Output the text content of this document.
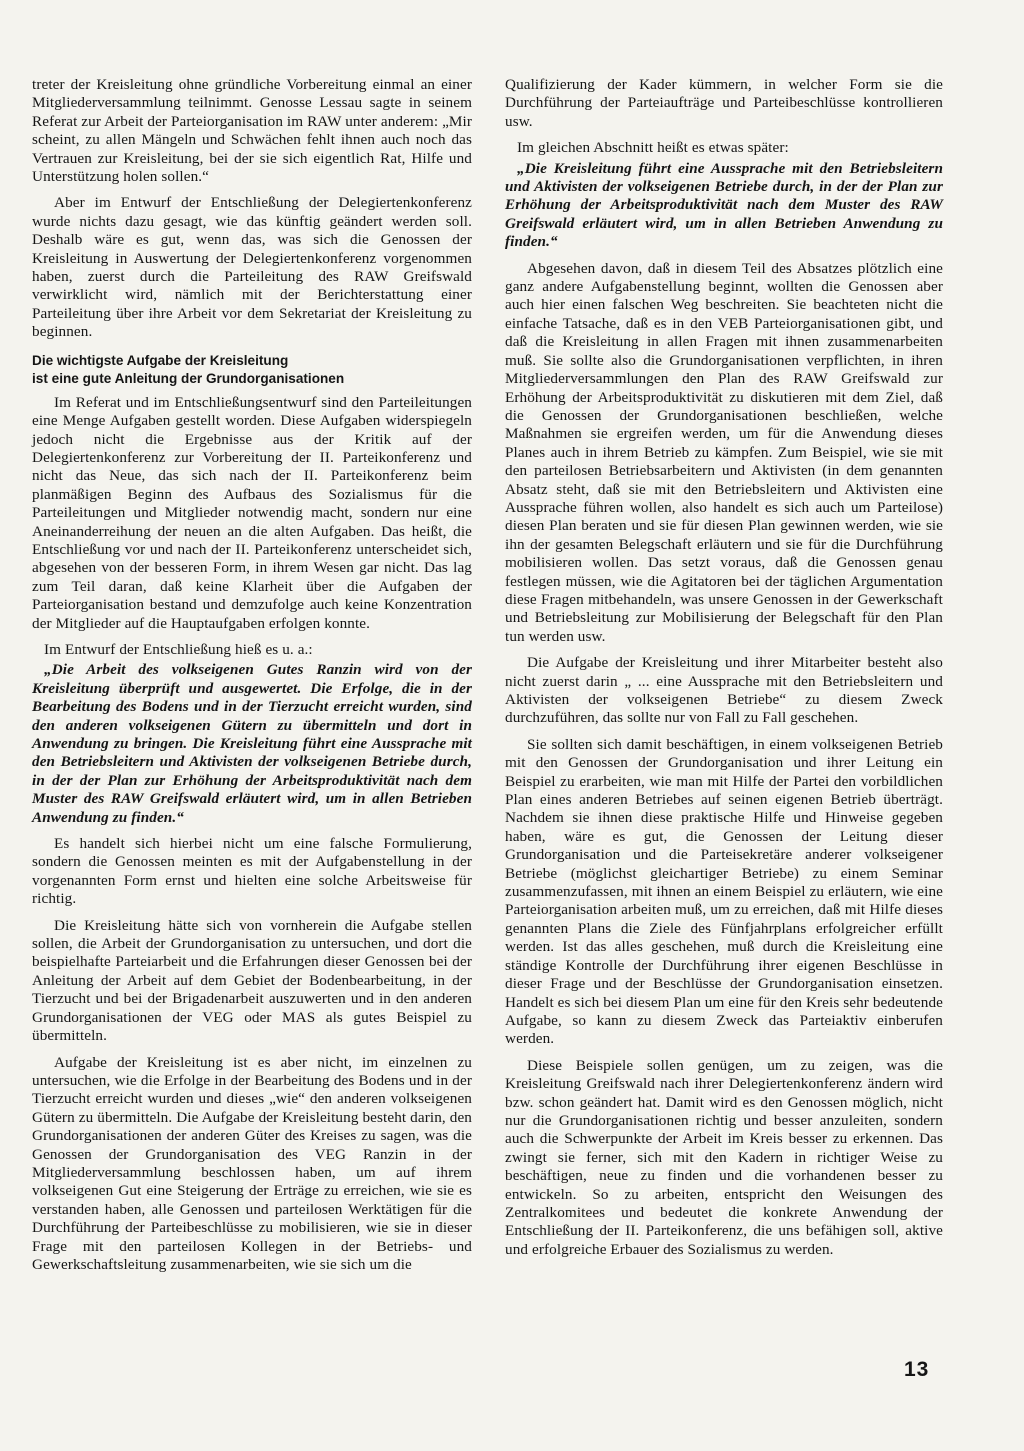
treter der Kreisleitung ohne gründliche Vorbereitung einmal an einer Mitgliederversammlung teilnimmt. Genosse Lessau sagte in seinem Referat zur Arbeit der Parteiorganisation im RAW unter anderem: „Mir scheint, zu allen Mängeln und Schwächen fehlt ihnen auch noch das Vertrauen zur Kreisleitung, bei der sie sich eigentlich Rat, Hilfe und Unterstützung holen sollen.“

Aber im Entwurf der Entschließung der Delegiertenkonferenz wurde nichts dazu gesagt, wie das künftig geändert werden soll. Deshalb wäre es gut, wenn das, was sich die Genossen der Kreisleitung in Auswertung der Delegiertenkonferenz vorgenommen haben, zuerst durch die Parteileitung des RAW Greifswald verwirklicht wird, nämlich mit der Berichterstattung einer Parteileitung über ihre Arbeit vor dem Sekretariat der Kreisleitung zu beginnen.

Die wichtigste Aufgabe der Kreisleitung
ist eine gute Anleitung der Grundorganisationen

Im Referat und im Entschließungsentwurf sind den Parteileitungen eine Menge Aufgaben gestellt worden. Diese Aufgaben widerspiegeln jedoch nicht die Ergebnisse aus der Kritik auf der Delegiertenkonferenz zur Vorbereitung der II. Parteikonferenz und nicht das Neue, das sich nach der II. Parteikonferenz beim planmäßigen Beginn des Aufbaus des Sozialismus für die Parteileitungen und Mitglieder notwendig macht, sondern nur eine Aneinanderreihung der neuen an die alten Aufgaben. Das heißt, die Entschließung vor und nach der II. Parteikonferenz unterscheidet sich, abgesehen von der besseren Form, in ihrem Wesen gar nicht. Das lag zum Teil daran, daß keine Klarheit über die Aufgaben der Parteiorganisation bestand und demzufolge auch keine Konzentration der Mitglieder auf die Hauptaufgaben erfolgen konnte.

Im Entwurf der Entschließung hieß es u. a.:

„Die Arbeit des volkseigenen Gutes Ranzin wird von der Kreisleitung überprüft und ausgewertet. Die Erfolge, die in der Bearbeitung des Bodens und in der Tierzucht erreicht wurden, sind den anderen volkseigenen Gütern zu übermitteln und dort in Anwendung zu bringen. Die Kreisleitung führt eine Aussprache mit den Betriebsleitern und Aktivisten der volkseigenen Betriebe durch, in der der Plan zur Erhöhung der Arbeitsproduktivität nach dem Muster des RAW Greifswald erläutert wird, um in allen Betrieben Anwendung zu finden.“

Es handelt sich hierbei nicht um eine falsche Formulierung, sondern die Genossen meinten es mit der Aufgabenstellung in der vorgenannten Form ernst und hielten eine solche Arbeitsweise für richtig.

Die Kreisleitung hätte sich von vornherein die Aufgabe stellen sollen, die Arbeit der Grundorganisation zu untersuchen, und dort die beispielhafte Parteiarbeit und die Erfahrungen dieser Genossen bei der Anleitung der Arbeit auf dem Gebiet der Bodenbearbeitung, in der Tierzucht und bei der Brigadenarbeit auszuwerten und in den anderen Grundorganisationen der VEG oder MAS als gutes Beispiel zu übermitteln.

Aufgabe der Kreisleitung ist es aber nicht, im einzelnen zu untersuchen, wie die Erfolge in der Bearbeitung des Bodens und in der Tierzucht erreicht wurden und dieses „wie“ den anderen volkseigenen Gütern zu übermitteln. Die Aufgabe der Kreisleitung besteht darin, den Grundorganisationen der anderen Güter des Kreises zu sagen, was die Genossen der Grundorganisation des VEG Ranzin in der Mitgliederversammlung beschlossen haben, um auf ihrem volkseigenen Gut eine Steigerung der Erträge zu erreichen, wie sie es verstanden haben, alle Genossen und parteilosen Werktätigen für die Durchführung der Parteibeschlüsse zu mobilisieren, wie sie in dieser Frage mit den parteilosen Kollegen in der Betriebs- und Gewerkschaftsleitung zusammenarbeiten, wie sie sich um die

Qualifizierung der Kader kümmern, in welcher Form sie die Durchführung der Parteiaufträge und Parteibeschlüsse kontrollieren usw.

Im gleichen Abschnitt heißt es etwas später:

„Die Kreisleitung führt eine Aussprache mit den Betriebsleitern und Aktivisten der volkseigenen Betriebe durch, in der der Plan zur Erhöhung der Arbeitsproduktivität nach dem Muster des RAW Greifswald erläutert wird, um in allen Betrieben Anwendung zu finden.“

Abgesehen davon, daß in diesem Teil des Absatzes plötzlich eine ganz andere Aufgabenstellung beginnt, wollten die Genossen aber auch hier einen falschen Weg beschreiten. Sie beachteten nicht die einfache Tatsache, daß es in den VEB Parteiorganisationen gibt, und daß die Kreisleitung in allen Fragen mit ihnen zusammenarbeiten muß. Sie sollte also die Grundorganisationen verpflichten, in ihren Mitgliederversammlungen den Plan des RAW Greifswald zur Erhöhung der Arbeitsproduktivität zu diskutieren mit dem Ziel, daß die Genossen der Grundorganisationen beschließen, welche Maßnahmen sie ergreifen werden, um für die Anwendung dieses Planes auch in ihrem Betrieb zu kämpfen. Zum Beispiel, wie sie mit den parteilosen Betriebsarbeitern und Aktivisten (in dem genannten Absatz steht, daß sie mit den Betriebsleitern und Aktivisten eine Aussprache führen wollen, also handelt es sich auch um Parteilose) diesen Plan beraten und sie für diesen Plan gewinnen werden, wie sie ihn der gesamten Belegschaft erläutern und sie für die Durchführung mobilisieren wollen. Das setzt voraus, daß die Genossen genau festlegen müssen, wie die Agitatoren bei der täglichen Argumentation diese Fragen mitbehandeln, was unsere Genossen in der Gewerkschaft und Betriebsleitung zur Mobilisierung der Belegschaft für den Plan tun werden usw.

Die Aufgabe der Kreisleitung und ihrer Mitarbeiter besteht also nicht zuerst darin „ ... eine Aussprache mit den Betriebsleitern und Aktivisten der volkseigenen Betriebe“ zu diesem Zweck durchzuführen, das sollte nur von Fall zu Fall geschehen.

Sie sollten sich damit beschäftigen, in einem volkseigenen Betrieb mit den Genossen der Grundorganisation und ihrer Leitung ein Beispiel zu erarbeiten, wie man mit Hilfe der Partei den vorbildlichen Plan eines anderen Betriebes auf seinen eigenen Betrieb überträgt. Nachdem sie ihnen diese praktische Hilfe und Hinweise gegeben haben, wäre es gut, die Genossen der Leitung dieser Grundorganisation und die Parteisekretäre anderer volkseigener Betriebe (möglichst gleichartiger Betriebe) zu einem Seminar zusammenzufassen, mit ihnen an einem Beispiel zu erläutern, wie eine Parteiorganisation arbeiten muß, um zu erreichen, daß mit Hilfe dieses genannten Plans die Ziele des Fünfjahrplans erfolgreicher erfüllt werden. Ist das alles geschehen, muß durch die Kreisleitung eine ständige Kontrolle der Durchführung ihrer eigenen Beschlüsse in dieser Frage und der Beschlüsse der Grundorganisation einsetzen. Handelt es sich bei diesem Plan um eine für den Kreis sehr bedeutende Aufgabe, so kann zu diesem Zweck das Parteiaktiv einberufen werden.

Diese Beispiele sollen genügen, um zu zeigen, was die Kreisleitung Greifswald nach ihrer Delegiertenkonferenz ändern wird bzw. schon geändert hat. Damit wird es den Genossen möglich, nicht nur die Grundorganisationen richtig und besser anzuleiten, sondern auch die Schwerpunkte der Arbeit im Kreis besser zu erkennen. Das zwingt sie ferner, sich mit den Kadern in richtiger Weise zu beschäftigen, neue zu finden und die vorhandenen besser zu entwickeln. So zu arbeiten, entspricht den Weisungen des Zentralkomitees und bedeutet die konkrete Anwendung der Entschließung der II. Parteikonferenz, die uns befähigen soll, aktive und erfolgreiche Erbauer des Sozialismus zu werden.

13
